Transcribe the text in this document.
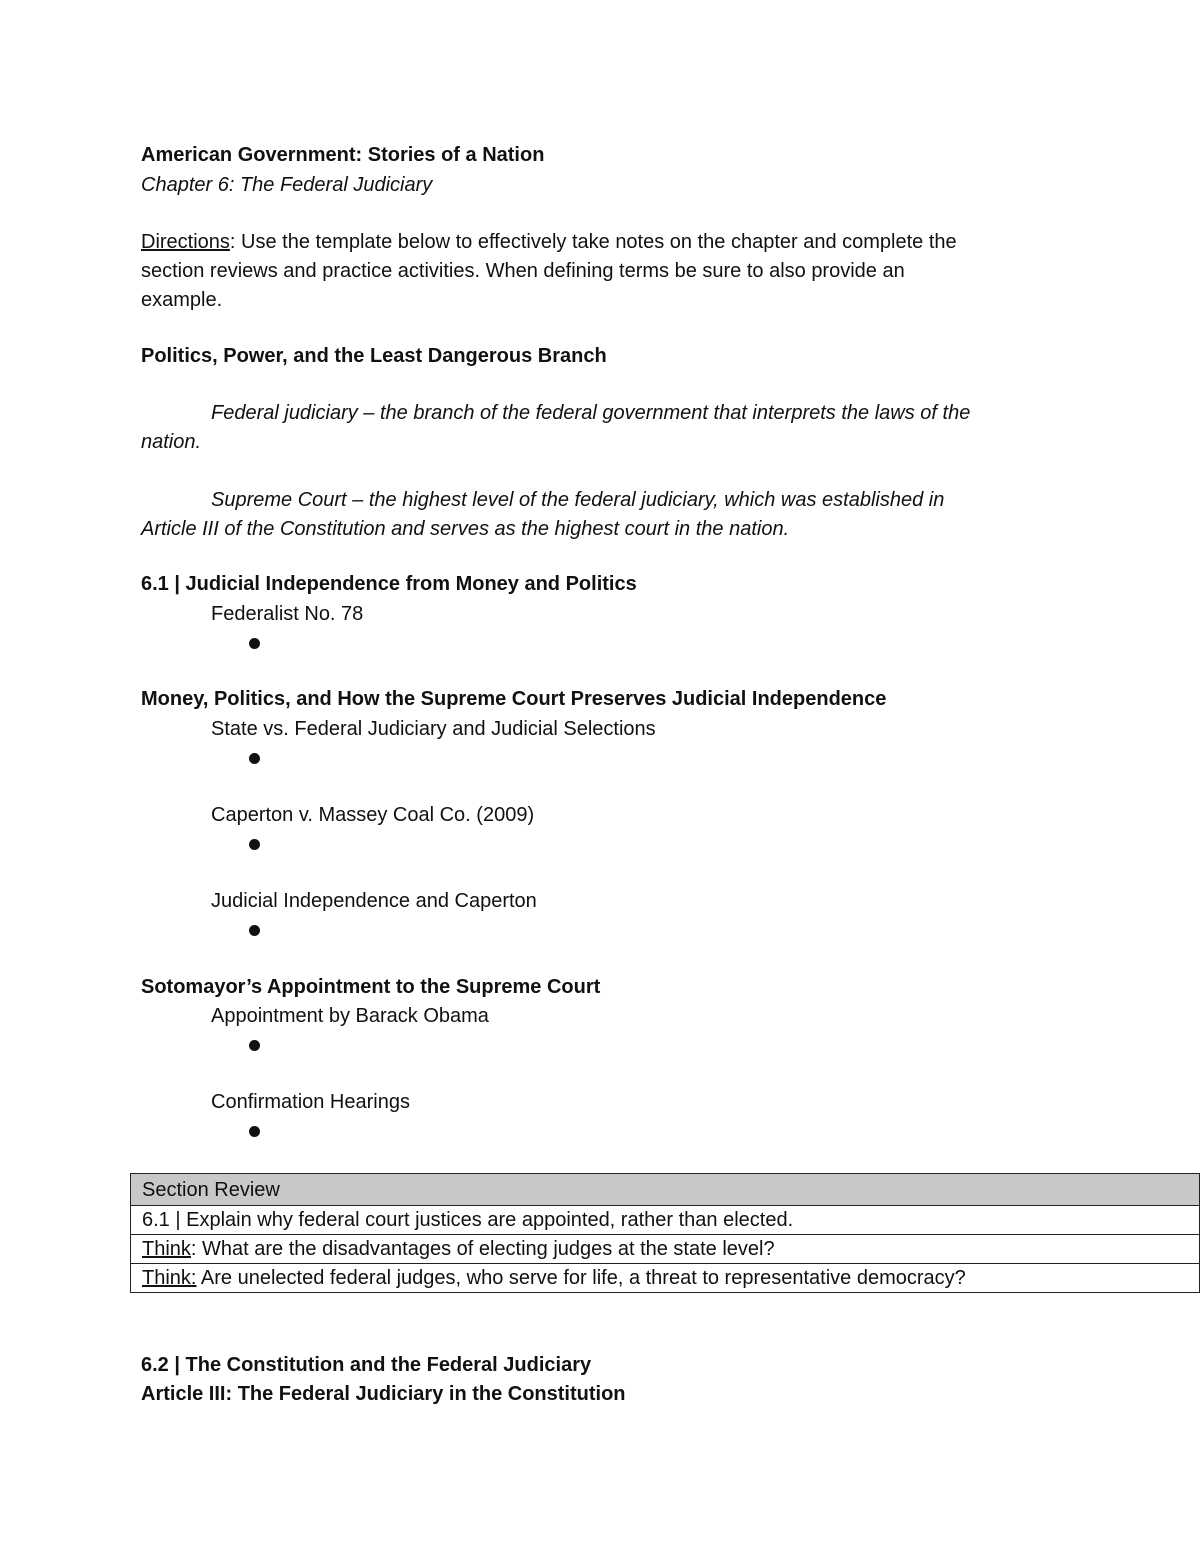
American Government: Stories of a Nation
Chapter 6: The Federal Judiciary
Directions: Use the template below to effectively take notes on the chapter and complete the
section reviews and practice activities. When defining terms be sure to also provide an
example.
Politics, Power, and the Least Dangerous Branch
Federal judiciary – the branch of the federal government that interprets the laws of the
nation.
Supreme Court – the highest level of the federal judiciary, which was established in
Article III of the Constitution and serves as the highest court in the nation.
6.1 | Judicial Independence from Money and Politics
Federalist No. 78
Money, Politics, and How the Supreme Court Preserves Judicial Independence
State vs. Federal Judiciary and Judicial Selections
Caperton v. Massey Coal Co. (2009)
Judicial Independence and Caperton
Sotomayor’s Appointment to the Supreme Court
Appointment by Barack Obama
Confirmation Hearings
Section Review
6.1 | Explain why federal court justices are appointed, rather than elected.
Think: What are the disadvantages of electing judges at the state level?
Think: Are unelected federal judges, who serve for life, a threat to representative democracy?
6.2 | The Constitution and the Federal Judiciary
Article III: The Federal Judiciary in the Constitution
